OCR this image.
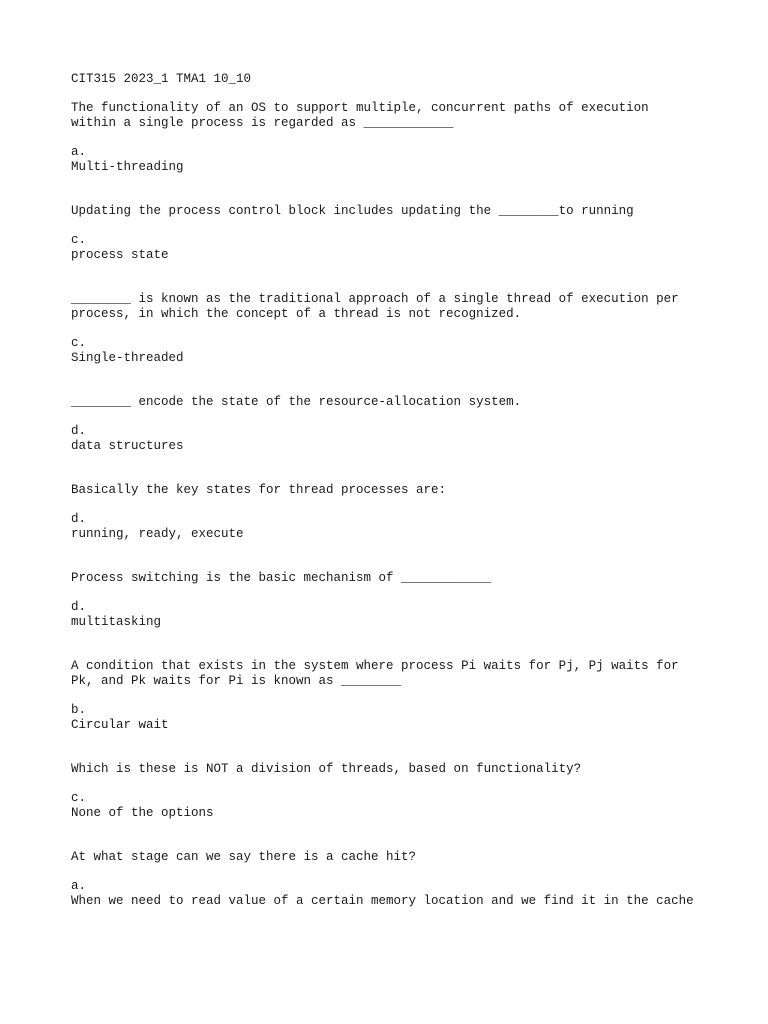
CIT315 2023_1 TMA1 10_10
The functionality of an OS to support multiple, concurrent paths of execution
within a single process is regarded as ____________
a.
Multi-threading
Updating the process control block includes updating the ________to running
c.
process state
________ is known as the traditional approach of a single thread of execution per
process, in which the concept of a thread is not recognized.
c.
Single-threaded
________ encode the state of the resource-allocation system.
d.
data structures
Basically the key states for thread processes are:
d.
running, ready, execute
Process switching is the basic mechanism of ____________
d.
multitasking
A condition that exists in the system where process Pi waits for Pj, Pj waits for
Pk, and Pk waits for Pi is known as ________
b.
Circular wait
Which is these is NOT a division of threads, based on functionality?
c.
None of the options
At what stage can we say there is a cache hit?
a.
When we need to read value of a certain memory location and we find it in the cache
